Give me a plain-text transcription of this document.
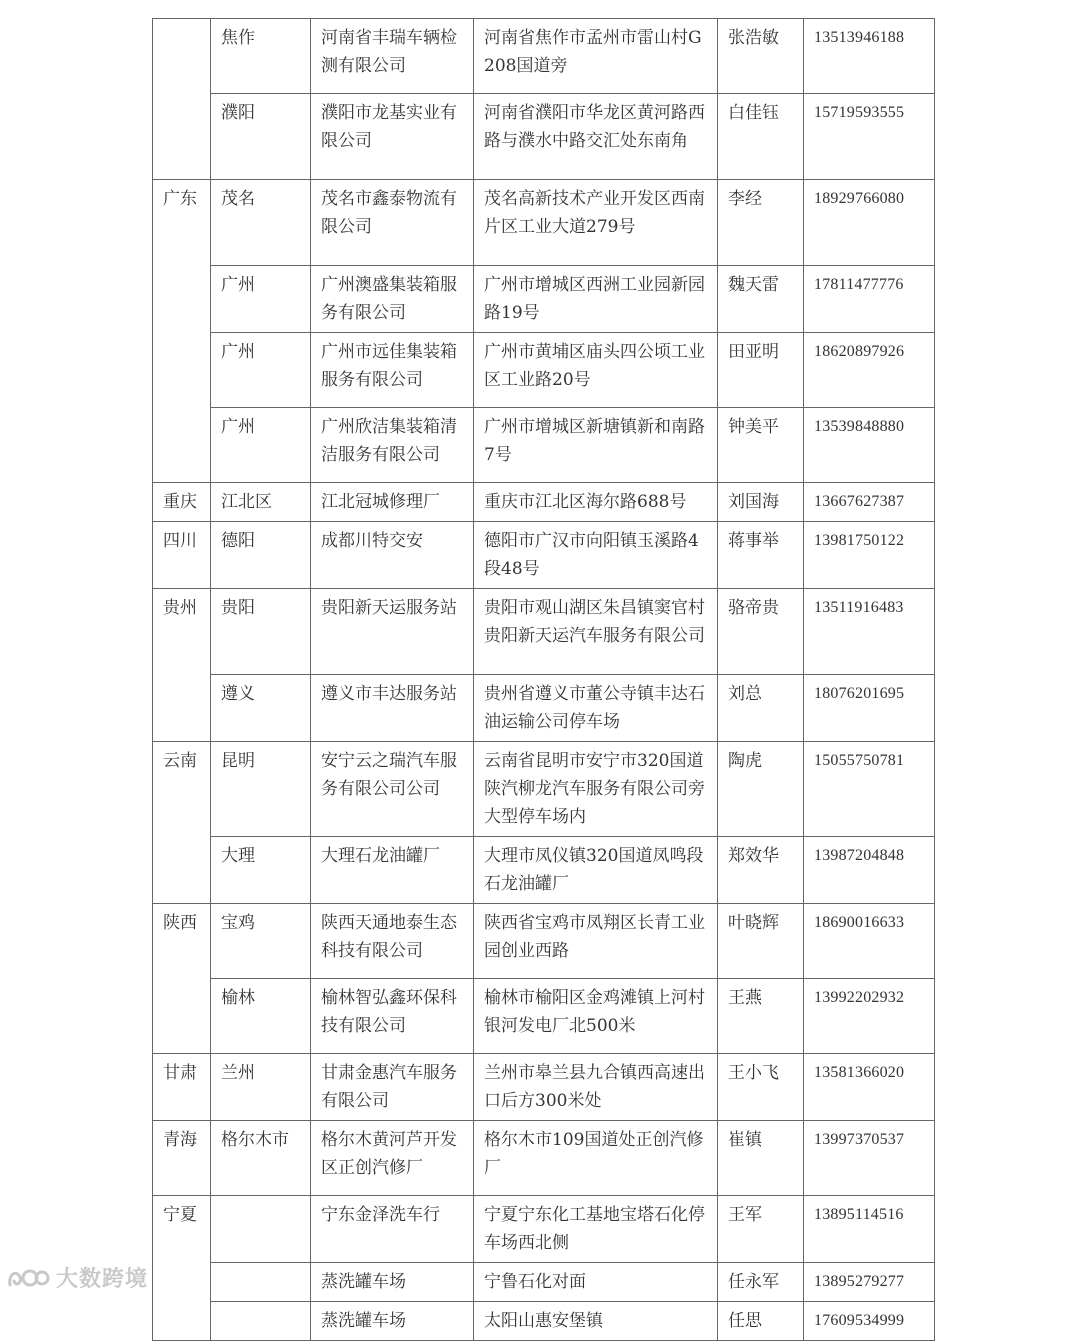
	焦作	河南省丰瑞车辆检测有限公司	河南省焦作市孟州市雷山村G208国道旁	张浩敏	13513946188
	濮阳	濮阳市龙基实业有限公司	河南省濮阳市华龙区黄河路西路与濮水中路交汇处东南角	白佳钰	15719593555
广东	茂名	茂名市鑫泰物流有限公司	茂名高新技术产业开发区西南片区工业大道279号	李经	18929766080
	广州	广州澳盛集装箱服务有限公司	广州市增城区西洲工业园新园路19号	魏天雷	17811477776
	广州	广州市远佳集装箱服务有限公司	广州市黄埔区庙头四公顷工业区工业路20号	田亚明	18620897926
	广州	广州欣洁集装箱清洁服务有限公司	广州市增城区新塘镇新和南路7号	钟美平	13539848880
重庆	江北区	江北冠城修理厂	重庆市江北区海尔路688号	刘国海	13667627387
四川	德阳	成都川特交安	德阳市广汉市向阳镇玉溪路4段48号	蒋事举	13981750122
贵州	贵阳	贵阳新天运服务站	贵阳市观山湖区朱昌镇窦官村贵阳新天运汽车服务有限公司	骆帝贵	13511916483
	遵义	遵义市丰达服务站	贵州省遵义市董公寺镇丰达石油运输公司停车场	刘总	18076201695
云南	昆明	安宁云之瑞汽车服务有限公司公司	云南省昆明市安宁市320国道陕汽柳龙汽车服务有限公司旁大型停车场内	陶虎	15055750781
	大理	大理石龙油罐厂	大理市凤仪镇320国道凤鸣段石龙油罐厂	郑效华	13987204848
陕西	宝鸡	陕西天通地泰生态科技有限公司	陕西省宝鸡市凤翔区长青工业园创业西路	叶晓辉	18690016633
	榆林	榆林智弘鑫环保科技有限公司	榆林市榆阳区金鸡滩镇上河村银河发电厂北500米	王燕	13992202932
甘肃	兰州	甘肃金惠汽车服务有限公司	兰州市皋兰县九合镇西高速出口后方300米处	王小飞	13581366020
青海	格尔木市	格尔木黄河芦开发区正创汽修厂	格尔木市109国道处正创汽修厂	崔镇	13997370537
宁夏		宁东金泽洗车行	宁夏宁东化工基地宝塔石化停车场西北侧	王军	13895114516
		蒸洗罐车场	宁鲁石化对面	任永军	13895279277
		蒸洗罐车场	太阳山惠安堡镇	任思	17609534999
大数跨境
